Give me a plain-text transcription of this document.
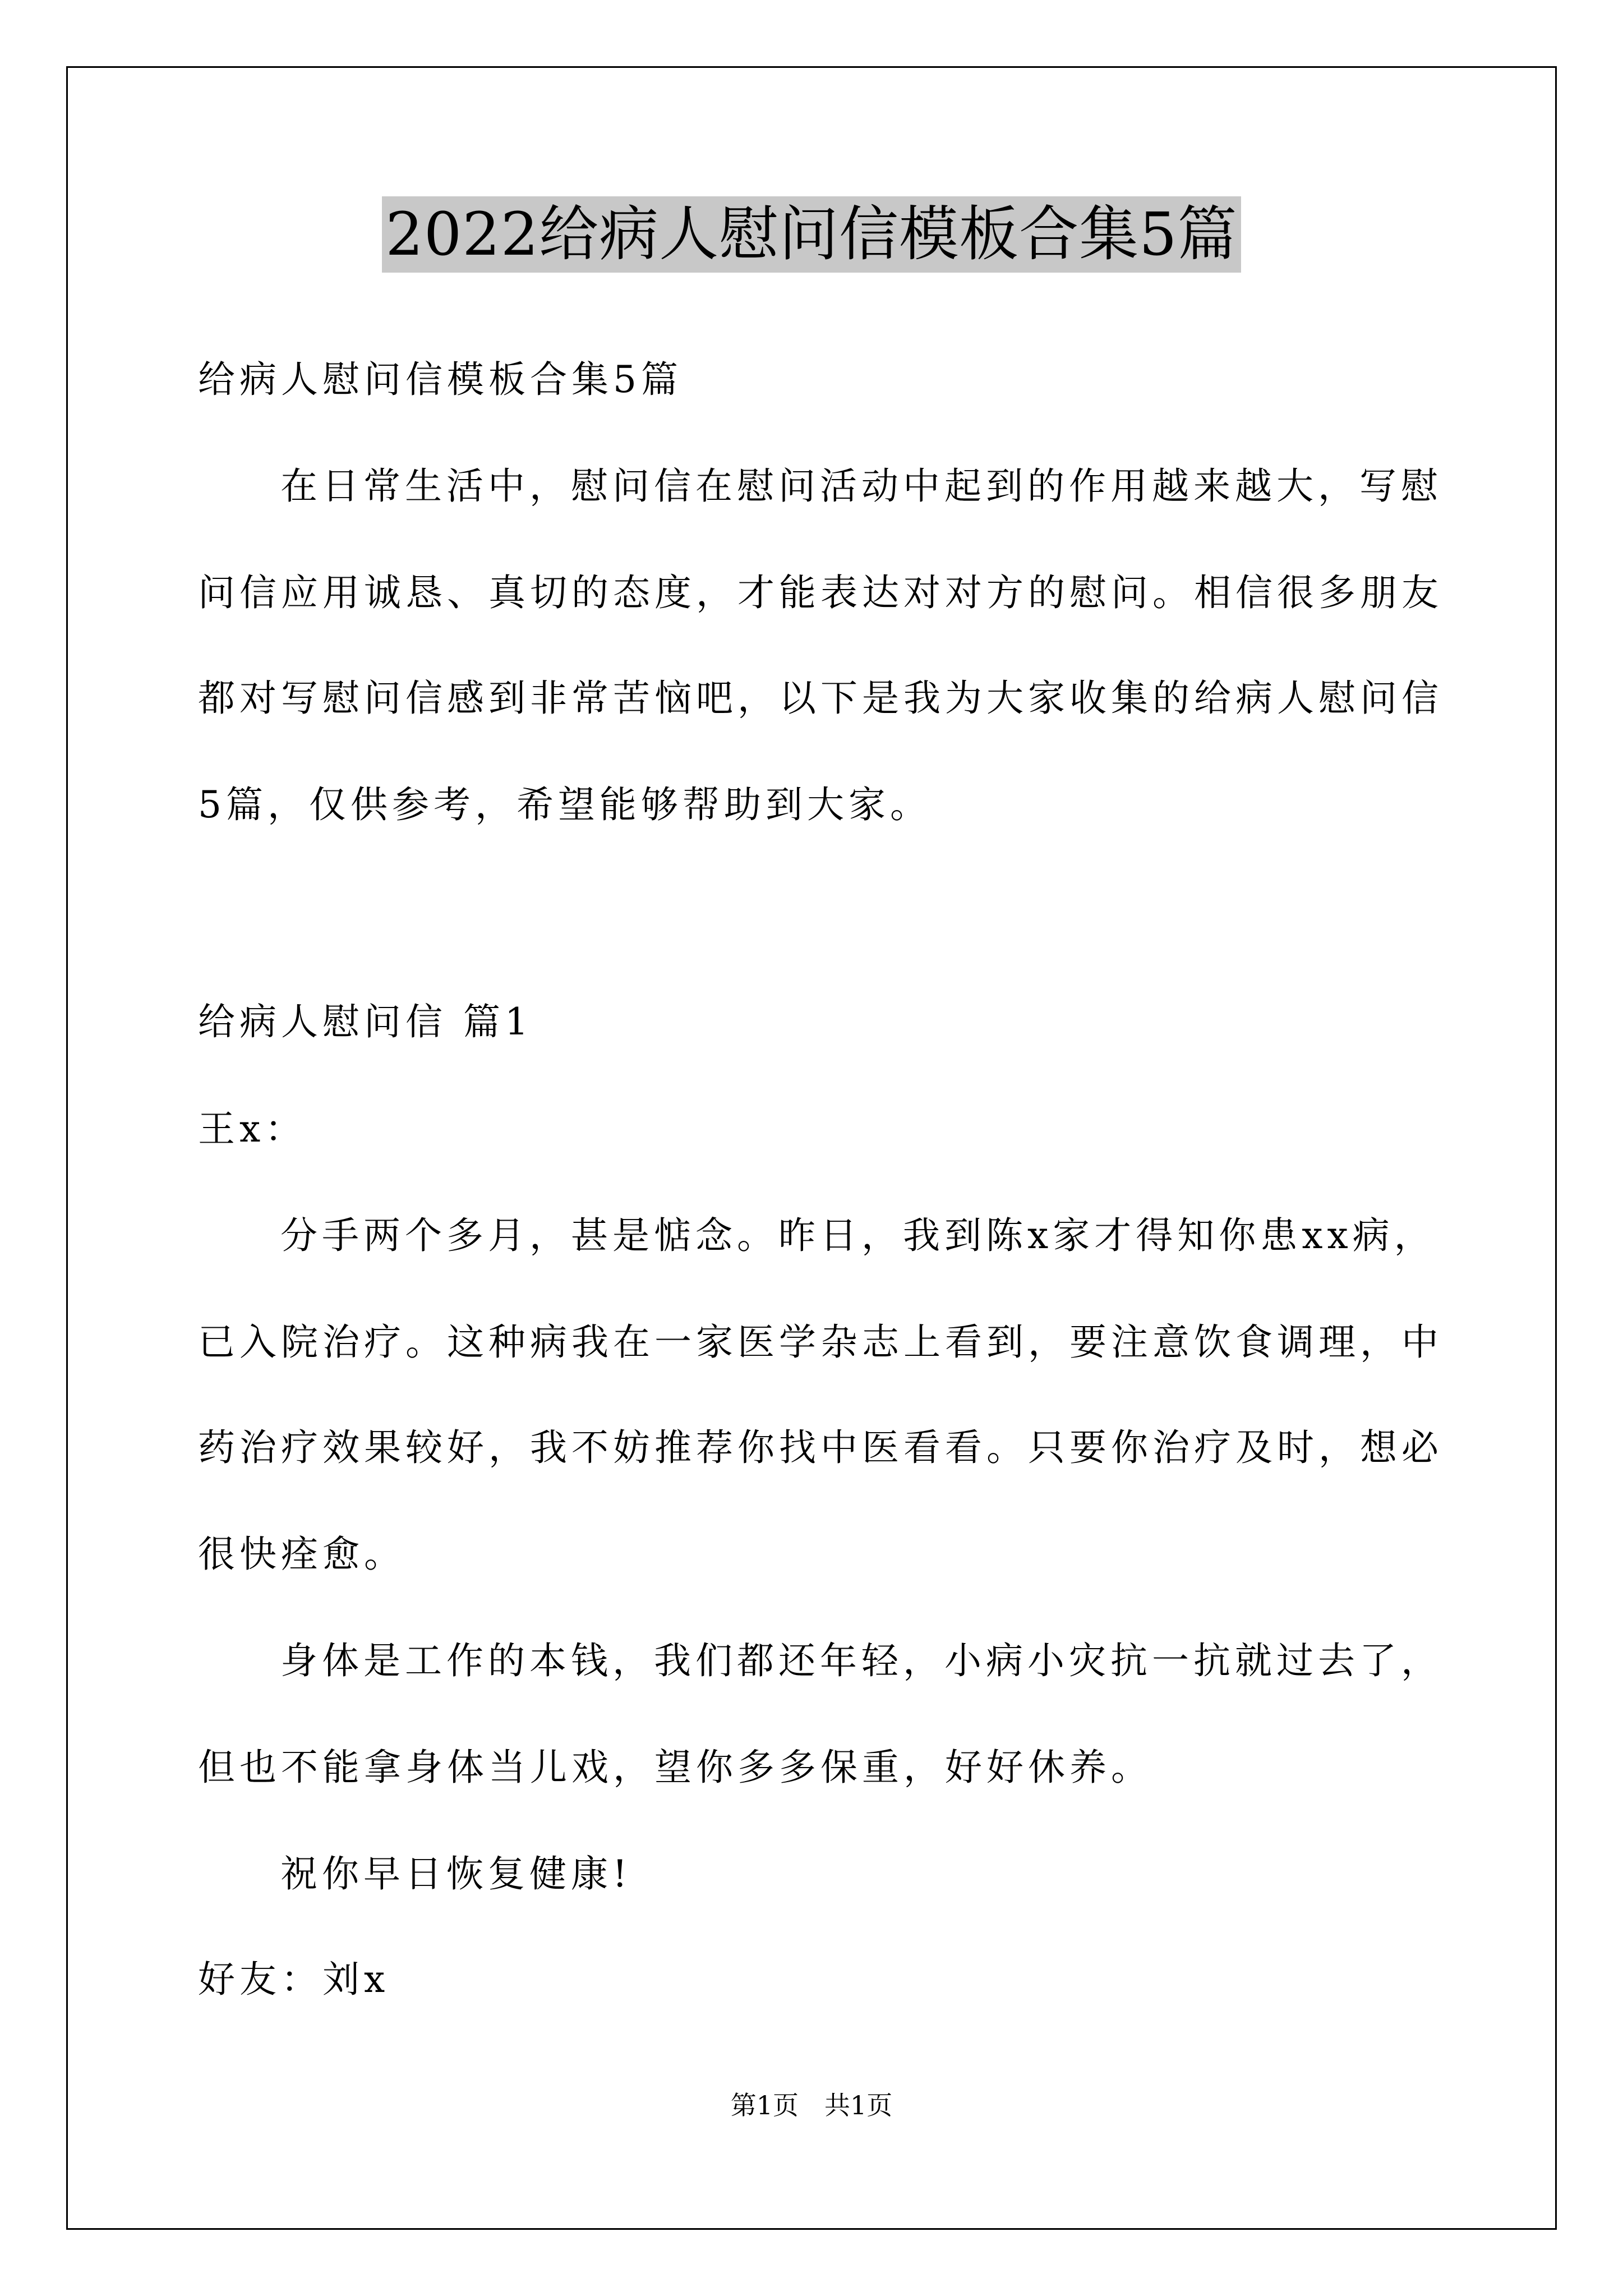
2022给病人慰问信模板合集5篇
给病人慰问信模板合集5篇
在日常生活中，慰问信在慰问活动中起到的作用越来越大，写慰
问信应用诚恳、真切的态度，才能表达对对方的慰问。相信很多朋友
都对写慰问信感到非常苦恼吧，以下是我为大家收集的给病人慰问信
5篇，仅供参考，希望能够帮助到大家。
给病人慰问信 篇1
王x：
分手两个多月，甚是惦念。昨日，我到陈x家才得知你患xx病，
已入院治疗。这种病我在一家医学杂志上看到，要注意饮食调理，中
药治疗效果较好，我不妨推荐你找中医看看。只要你治疗及时，想必
很快痊愈。
身体是工作的本钱，我们都还年轻，小病小灾抗一抗就过去了，
但也不能拿身体当儿戏，望你多多保重，好好休养。
祝你早日恢复健康!
好友：刘x
第1页 共1页
